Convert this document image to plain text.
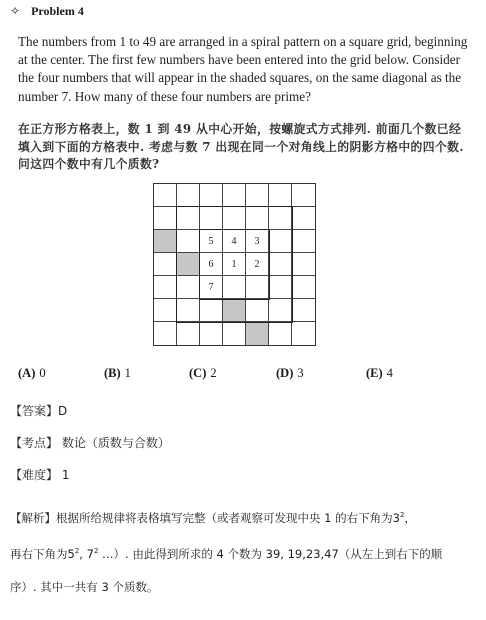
✧ Problem 4
The numbers from 1 to 49 are arranged in a spiral pattern on a square grid, beginning at the center. The first few numbers have been entered into the grid below. Consider the four numbers that will appear in the shaded squares, on the same diagonal as the number 7. How many of these four numbers are prime?
在正方形方格表上，数 1 到 49 从中心开始，按螺旋式方式排列. 前面几个数已经填入到下面的方格表中. 考虑与数 7 出现在同一个对角线上的阴影方格中的四个数. 问这四个数中有几个质数?
5	4	3
6	1	2
7
(A) 0	(B) 1	(C) 2	(D) 3	(E) 4
【答案】D
【考点】 数论（质数与合数）
【难度】 1
【解析】根据所给规律将表格填写完整（或者观察可发现中央 1 的右下角为$3^2$，
再右下角为$5^2$, $7^2$ …）. 由此得到所求的 4 个数为 39, 19,23,47（从左上到右下的顺
序）. 其中一共有 3 个质数。
